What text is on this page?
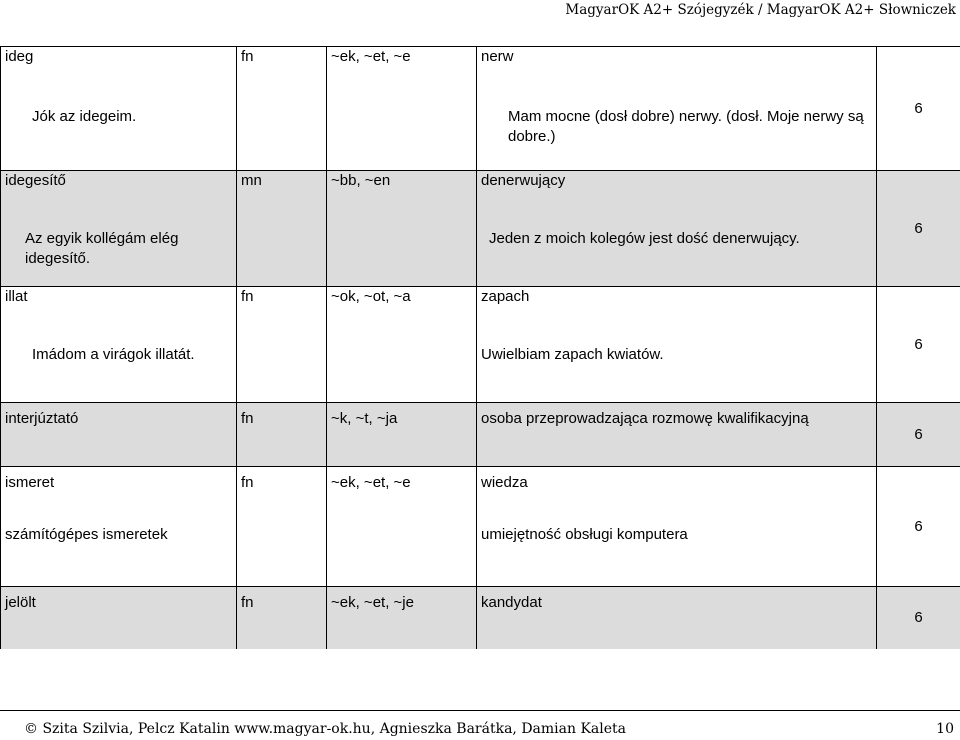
MagyarOK A2+ Szójegyzék / MagyarOK A2+ Słowniczek
ideg	fn	~ek, ~et, ~e	nerw	6

Jók az idegeim.			Mam mocne (dosł dobre) nerwy. (dosł. Moje nerwy są dobre.)	

idegesítő	mn	~bb, ~en	denerwujący	6

Az egyik kollégám elég idegesítő.			Jeden z moich kolegów jest dość denerwujący.	

illat	fn	~ok, ~ot, ~a	zapach	6

Imádom a virágok illatát.			Uwielbiam zapach kwiatów.	

interjúztató	fn	~k, ~t, ~ja	osoba przeprowadzająca rozmowę kwalifikacyjną	6
ismeret	fn	~ek, ~et, ~e	wiedza	6

számítógépes ismeretek			umiejętność obsługi komputera	

jelölt	fn	~ek, ~et, ~je	kandydat	6
© Szita Szilvia, Pelcz Katalin www.magyar-ok.hu, Agnieszka Barátka, Damian Kaleta	10
